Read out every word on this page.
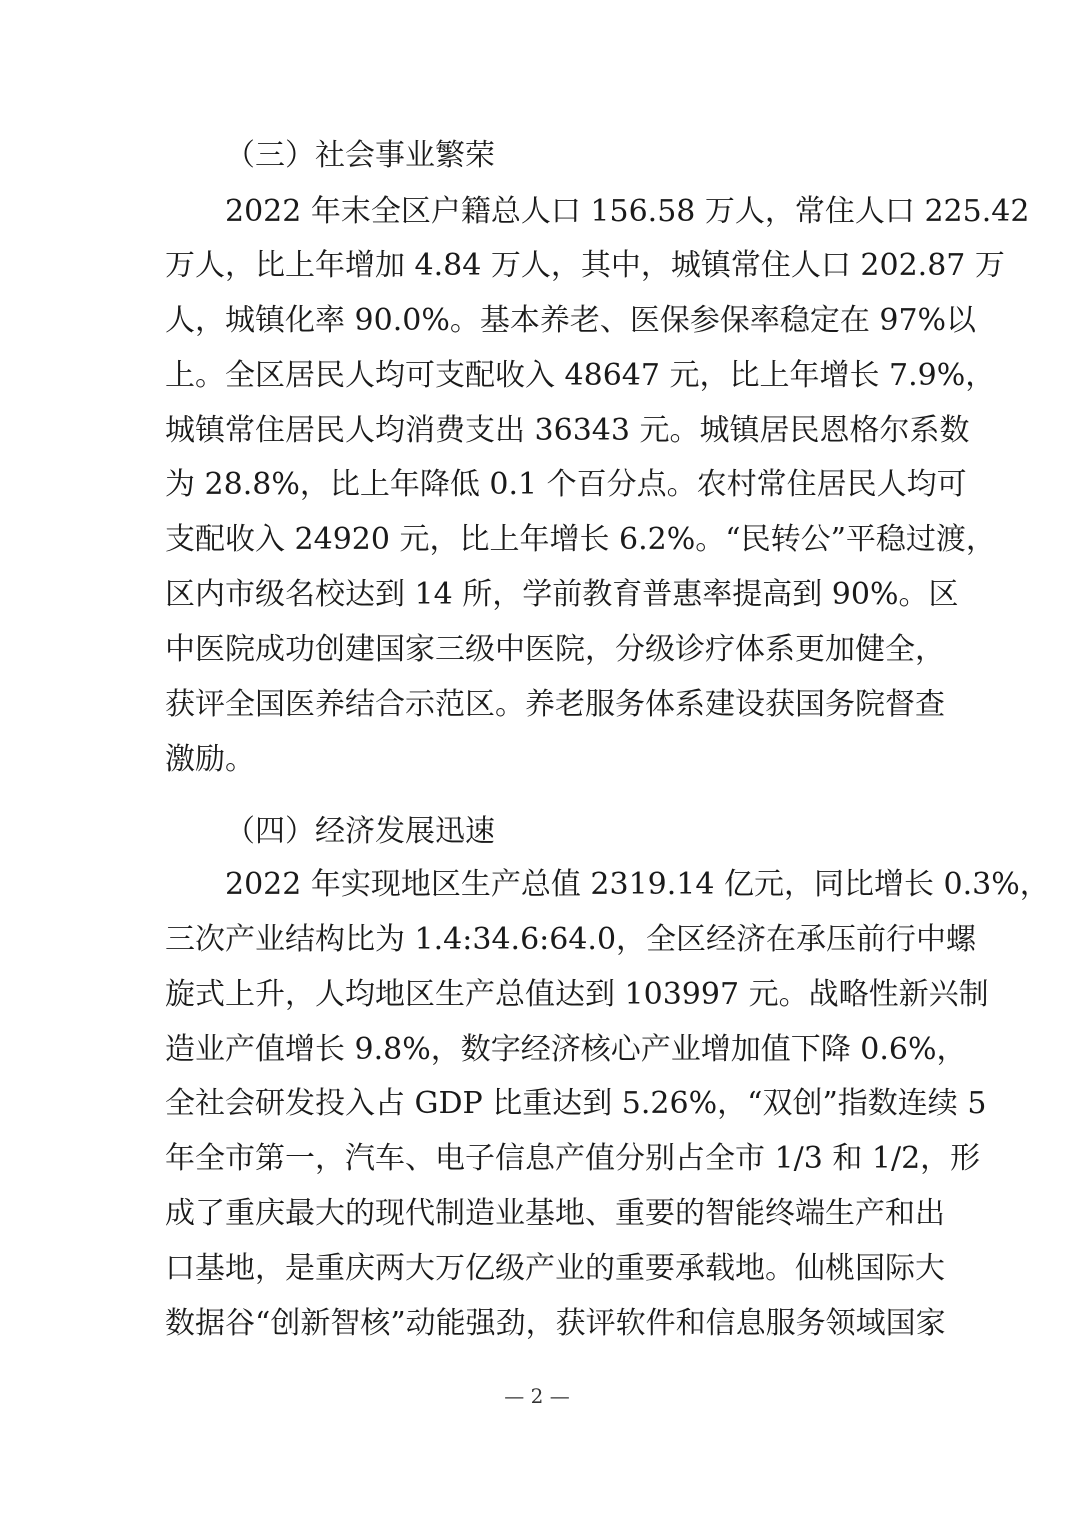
（三）社会事业繁荣
2022 年末全区户籍总人口 156.58 万人，常住人口 225.42
万人，比上年增加 4.84 万人，其中，城镇常住人口 202.87 万
人，城镇化率 90.0%。基本养老、医保参保率稳定在 97%以
上。全区居民人均可支配收入 48647 元，比上年增长 7.9%，
城镇常住居民人均消费支出 36343 元。城镇居民恩格尔系数
为 28.8%，比上年降低 0.1 个百分点。农村常住居民人均可
支配收入 24920 元，比上年增长 6.2%。“民转公”平稳过渡，
区内市级名校达到 14 所，学前教育普惠率提高到 90%。区
中医院成功创建国家三级中医院，分级诊疗体系更加健全，
获评全国医养结合示范区。养老服务体系建设获国务院督查
激励。
（四）经济发展迅速
2022 年实现地区生产总值 2319.14 亿元，同比增长 0.3%，
三次产业结构比为 1.4:34.6:64.0，全区经济在承压前行中螺
旋式上升，人均地区生产总值达到 103997 元。战略性新兴制
造业产值增长 9.8%，数字经济核心产业增加值下降 0.6%，
全社会研发投入占 GDP 比重达到 5.26%，“双创”指数连续 5
年全市第一，汽车、电子信息产值分别占全市 1/3 和 1/2，形
成了重庆最大的现代制造业基地、重要的智能终端生产和出
口基地，是重庆两大万亿级产业的重要承载地。仙桃国际大
数据谷“创新智核”动能强劲，获评软件和信息服务领域国家
— 2 —
